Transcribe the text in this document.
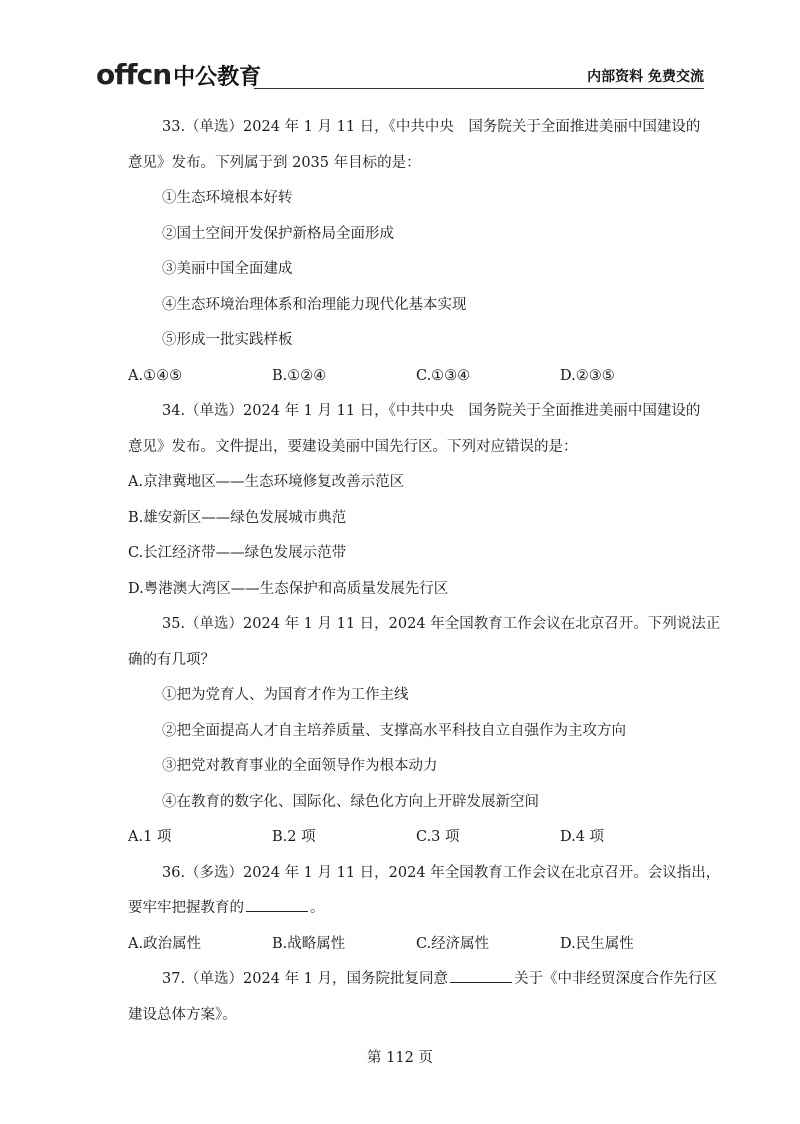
offcn 中公教育	内部资料 免费交流
33.（单选）2024 年 1 月 11 日，《中共中央　国务院关于全面推进美丽中国建设的
意见》发布。下列属于到 2035 年目标的是：
①生态环境根本好转
②国土空间开发保护新格局全面形成
③美丽中国全面建成
④生态环境治理体系和治理能力现代化基本实现
⑤形成一批实践样板
A.①④⑤	B.①②④	C.①③④	D.②③⑤
34.（单选）2024 年 1 月 11 日，《中共中央　国务院关于全面推进美丽中国建设的
意见》发布。文件提出，要建设美丽中国先行区。下列对应错误的是：
A.京津冀地区——生态环境修复改善示范区
B.雄安新区——绿色发展城市典范
C.长江经济带——绿色发展示范带
D.粤港澳大湾区——生态保护和高质量发展先行区
35.（单选）2024 年 1 月 11 日，2024 年全国教育工作会议在北京召开。下列说法正
确的有几项？
①把为党育人、为国育才作为工作主线
②把全面提高人才自主培养质量、支撑高水平科技自立自强作为主攻方向
③把党对教育事业的全面领导作为根本动力
④在教育的数字化、国际化、绿色化方向上开辟发展新空间
A.1 项	B.2 项	C.3 项	D.4 项
36.（多选）2024 年 1 月 11 日，2024 年全国教育工作会议在北京召开。会议指出，
要牢牢把握教育的	。
A.政治属性	B.战略属性	C.经济属性	D.民生属性
37.（单选）2024 年 1 月，国务院批复同意	关于《中非经贸深度合作先行区
建设总体方案》。
第 112 页
